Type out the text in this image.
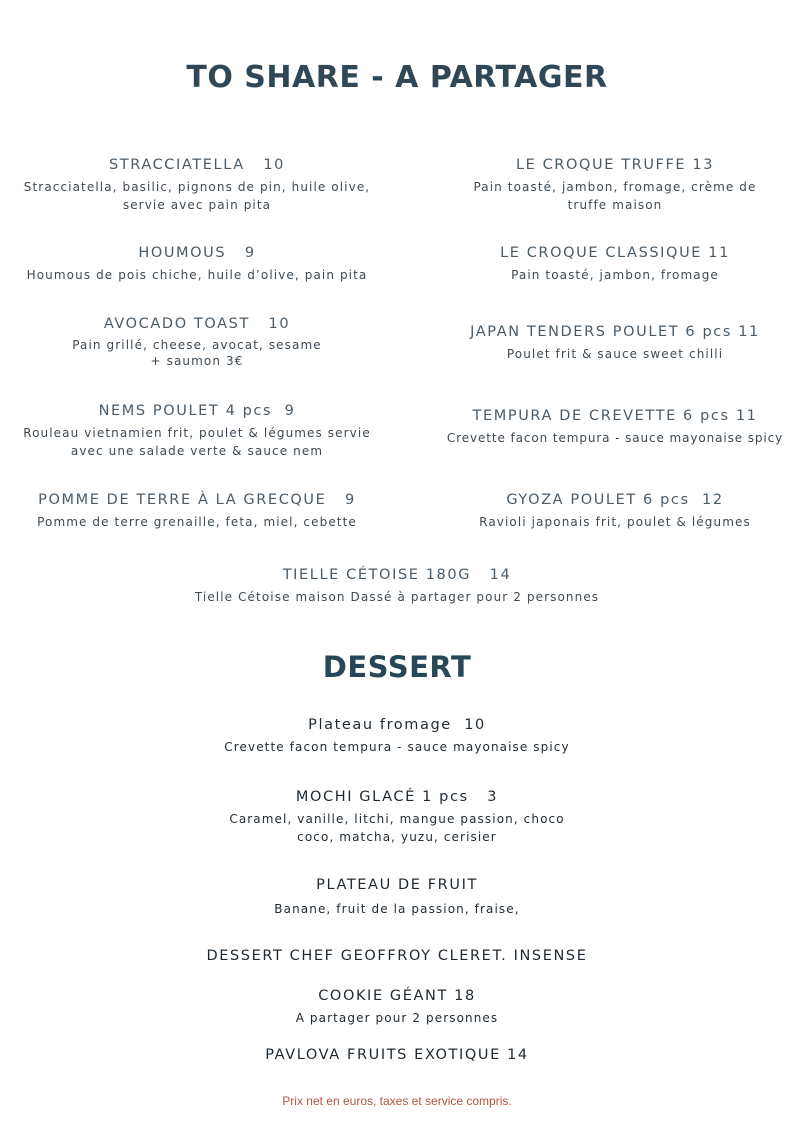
TO SHARE - A PARTAGER
STRACCIATELLA   10
Stracciatella, basilic, pignons de pin, huile olive,
servie avec pain pita
HOUMOUS   9
Houmous de pois chiche, huile d’olive, pain pita
AVOCADO TOAST   10
Pain grillé, cheese, avocat, sesame
+ saumon 3€
NEMS POULET 4 pcs  9
Rouleau vietnamien frit, poulet & légumes servie
avec une salade verte & sauce nem
POMME DE TERRE À LA GRECQUE   9
Pomme de terre grenaille, feta, miel, cebette
LE CROQUE TRUFFE 13
Pain toasté, jambon, fromage, crème de
truffe maison
LE CROQUE CLASSIQUE 11
Pain toasté, jambon, fromage
JAPAN TENDERS POULET 6 pcs 11
Poulet frit & sauce sweet chilli
TEMPURA DE CREVETTE 6 pcs 11
Crevette facon tempura - sauce mayonaise spicy
GYOZA POULET 6 pcs  12
Ravioli japonais frit, poulet & légumes
TIELLE CÉTOISE 180G   14
Tielle Cétoise maison Dassé à partager pour 2 personnes
DESSERT
Plateau fromage  10
Crevette facon tempura - sauce mayonaise spicy
MOCHI GLACÉ 1 pcs   3
Caramel, vanille, litchi, mangue passion, choco
coco, matcha, yuzu, cerisier
PLATEAU DE FRUIT
Banane, fruit de la passion, fraise,
DESSERT CHEF GEOFFROY CLERET. INSENSE
COOKIE GÉANT 18
A partager pour 2 personnes
PAVLOVA FRUITS EXOTIQUE 14
Prix net en euros, taxes et service compris.
